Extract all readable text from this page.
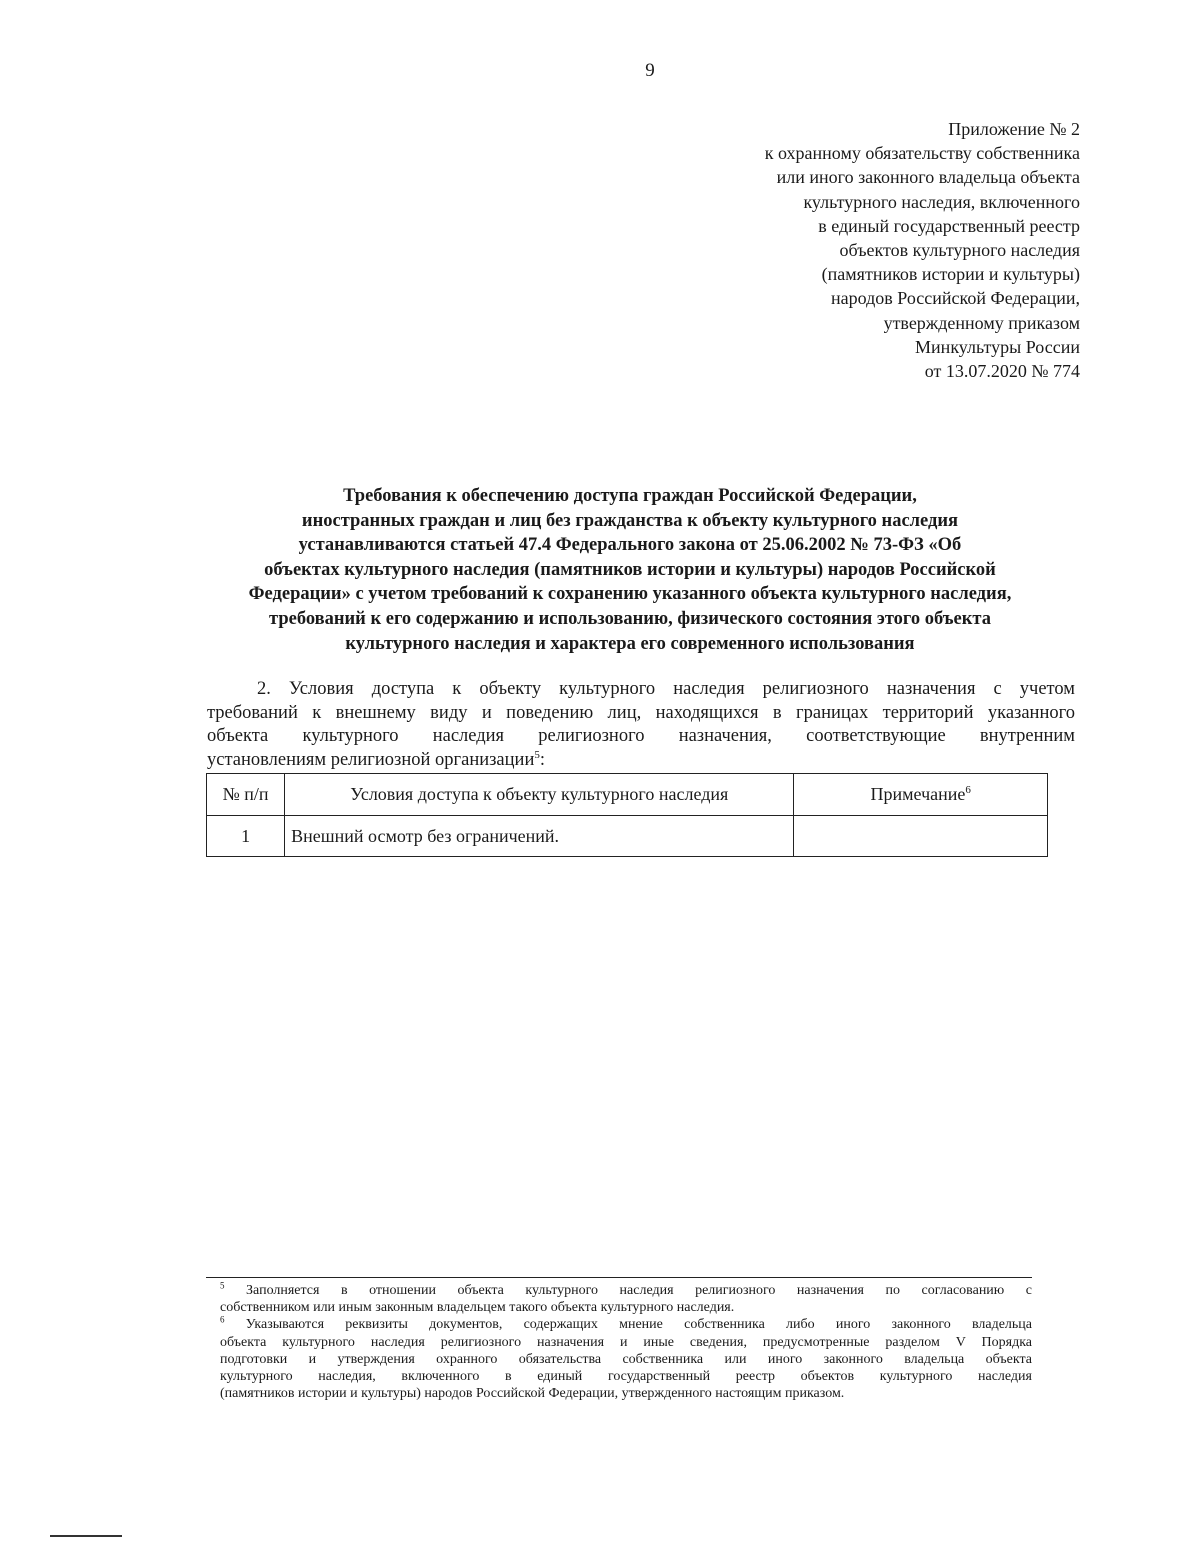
9
Приложение № 2
к охранному обязательству собственника
или иного законного владельца объекта
культурного наследия, включенного
в единый государственный реестр
объектов культурного наследия
(памятников истории и культуры)
народов Российской Федерации,
утвержденному приказом
Минкультуры России
от 13.07.2020 № 774
Требования к обеспечению доступа граждан Российской Федерации,
иностранных граждан и лиц без гражданства к объекту культурного наследия
устанавливаются статьей 47.4 Федерального закона от 25.06.2002 № 73-ФЗ «Об
объектах культурного наследия (памятников истории и культуры) народов Российской
Федерации» с учетом требований к сохранению указанного объекта культурного наследия,
требований к его содержанию и использованию, физического состояния этого объекта
культурного наследия и характера его современного использования
2. Условия доступа к объекту культурного наследия религиозного назначения с учетом
требований к внешнему виду и поведению лиц, находящихся в границах территорий указанного
объекта культурного наследия религиозного назначения, соответствующие внутренним
установлениям религиозной организации$^5$:
№ п/п	Условия доступа к объекту культурного наследия	Примечание$^6$
1	Внешний осмотр без ограничений.	
$^5$ Заполняется в отношении объекта культурного наследия религиозного назначения по согласованию с
собственником или иным законным владельцем такого объекта культурного наследия.
$^6$ Указываются реквизиты документов, содержащих мнение собственника либо иного законного владельца
объекта культурного наследия религиозного назначения и иные сведения, предусмотренные разделом V Порядка
подготовки и утверждения охранного обязательства собственника или иного законного владельца объекта
культурного наследия, включенного в единый государственный реестр объектов культурного наследия
(памятников истории и культуры) народов Российской Федерации, утвержденного настоящим приказом.
